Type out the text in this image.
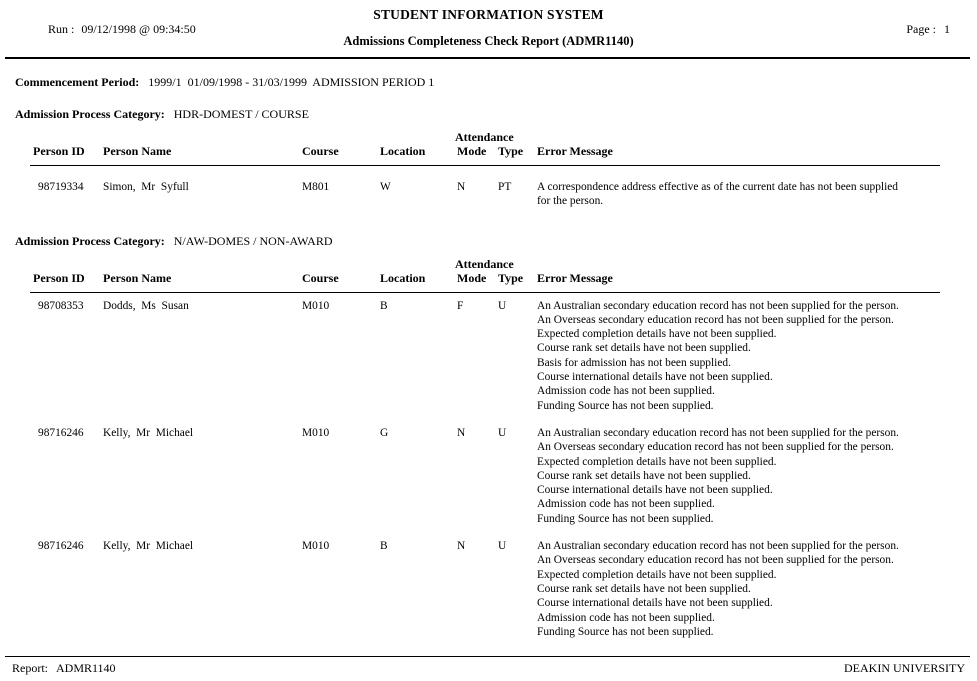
Run : 09/12/1998 @ 09:34:50

STUDENT INFORMATION SYSTEM

Page : 1

Admissions Completeness Check Report (ADMR1140)
Commencement Period: 1999/1  01/09/1998 - 31/03/1999  ADMISSION PERIOD 1
Admission Process Category: HDR-DOMEST / COURSE
Attendance
Person ID	Person Name	Course	Location	Mode Type	Error Message
98719334	Simon,  Mr  Syfull	M801	W	N	PT	A correspondence address effective as of the current date has not been supplied
for the person.
Admission Process Category: N/AW-DOMES / NON-AWARD
Attendance
Person ID	Person Name	Course	Location	Mode Type	Error Message
98708353	Dodds,  Ms  Susan	M010	B	F	U	An Australian secondary education record has not been supplied for the person.
An Overseas secondary education record has not been supplied for the person.
Expected completion details have not been supplied.
Course rank set details have not been supplied.
Basis for admission has not been supplied.
Course international details have not been supplied.
Admission code has not been supplied.
Funding Source has not been supplied.
98716246	Kelly,  Mr  Michael	M010	G	N	U	An Australian secondary education record has not been supplied for the person.
An Overseas secondary education record has not been supplied for the person.
Expected completion details have not been supplied.
Course rank set details have not been supplied.
Course international details have not been supplied.
Admission code has not been supplied.
Funding Source has not been supplied.
98716246	Kelly,  Mr  Michael	M010	B	N	U	An Australian secondary education record has not been supplied for the person.
An Overseas secondary education record has not been supplied for the person.
Expected completion details have not been supplied.
Course rank set details have not been supplied.
Course international details have not been supplied.
Admission code has not been supplied.
Funding Source has not been supplied.
Report: ADMR1140	DEAKIN UNIVERSITY
